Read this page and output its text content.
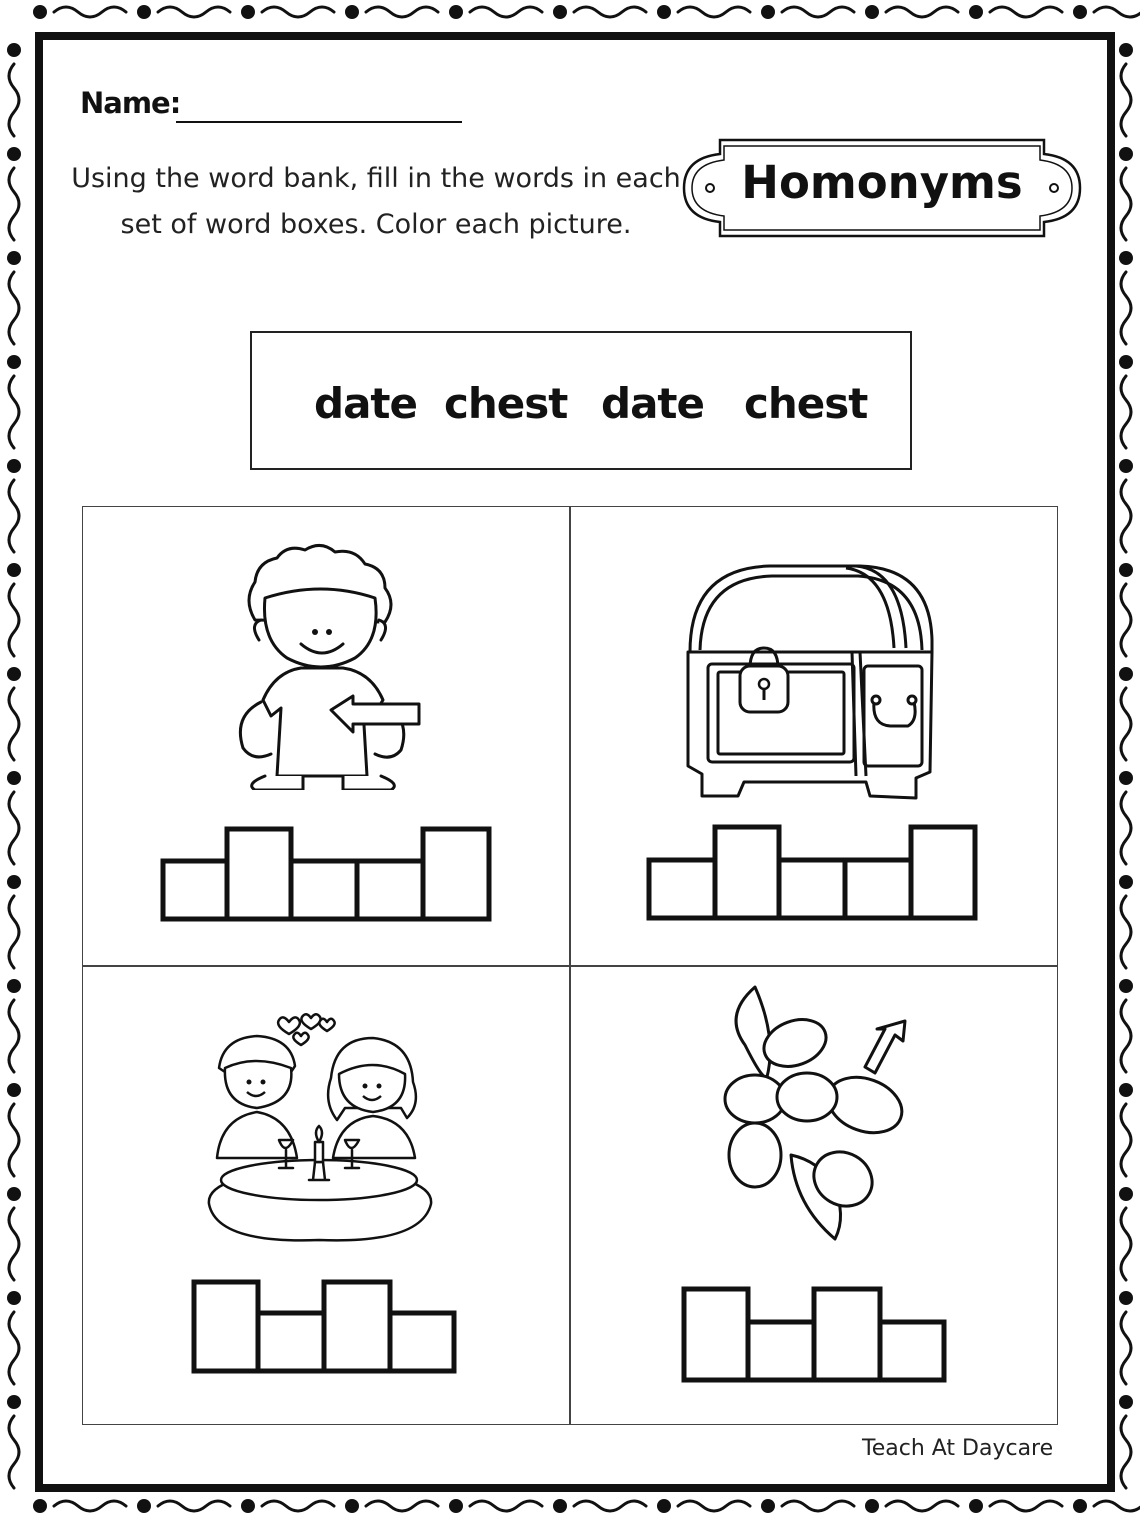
Name:
Using the word bank, fill in the words in each set of word boxes. Color each picture.
Homonyms
date chest date chest
Teach At Daycare
